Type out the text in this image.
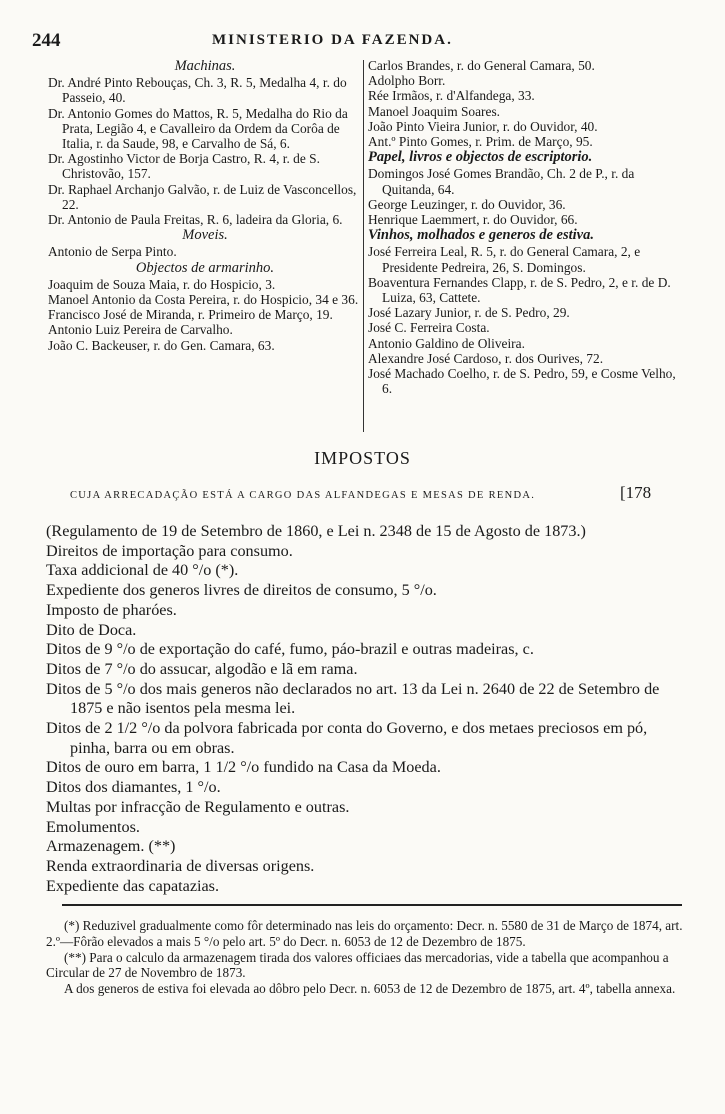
244	MINISTERIO DA FAZENDA.
Machinas.
Dr. André Pinto Rebouças, Ch. 3, R. 5, Medalha 4, r. do Passeio, 40.
Dr. Antonio Gomes do Mattos, R. 5, Medalha do Rio da Prata, Legião 4, e Cavalleiro da Ordem da Corôa de Italia, r. da Saude, 98, e Carvalho de Sá, 6.
Dr. Agostinho Victor de Borja Castro, R. 4, r. de S. Christovão, 157.
Dr. Raphael Archanjo Galvão, r. de Luiz de Vasconcellos, 22.
Dr. Antonio de Paula Freitas, R. 6, ladeira da Gloria, 6.
Moveis.
Antonio de Serpa Pinto.
Objectos de armarinho.
Joaquim de Souza Maia, r. do Hospicio, 3.
Manoel Antonio da Costa Pereira, r. do Hospicio, 34 e 36.
Francisco José de Miranda, r. Primeiro de Março, 19.
Antonio Luiz Pereira de Carvalho.
João C. Backeuser, r. do Gen. Camara, 63.
Carlos Brandes, r. do General Camara, 50.
Adolpho Borr.
Rée Irmãos, r. d'Alfandega, 33.
Manoel Joaquim Soares.
João Pinto Vieira Junior, r. do Ouvidor, 40.
Ant.º Pinto Gomes, r. Prim. de Março, 95.
Papel, livros e objectos de escriptorio.
Domingos José Gomes Brandão, Ch. 2 de P., r. da Quitanda, 64.
George Leuzinger, r. do Ouvidor, 36.
Henrique Laemmert, r. do Ouvidor, 66.
Vinhos, molhados e generos de estiva.
José Ferreira Leal, R. 5, r. do General Camara, 2, e Presidente Pedreira, 26, S. Domingos.
Boaventura Fernandes Clapp, r. de S. Pedro, 2, e r. de D. Luiza, 63, Cattete.
José Lazary Junior, r. de S. Pedro, 29.
José C. Ferreira Costa.
Antonio Galdino de Oliveira.
Alexandre José Cardoso, r. dos Ourives, 72.
José Machado Coelho, r. de S. Pedro, 59, e Cosme Velho, 6.
IMPOSTOS
CUJA ARRECADAÇÃO ESTÁ A CARGO DAS ALFANDEGAS E MESAS DE RENDA.	[178
(Regulamento de 19 de Setembro de 1860, e Lei n. 2348 de 15 de Agosto de 1873.)
Direitos de importação para consumo.
Taxa addicional de 40 °/o (*).
Expediente dos generos livres de direitos de consumo, 5 °/o.
Imposto de pharóes.
Dito de Doca.
Ditos de 9 °/o de exportação do café, fumo, páo-brazil e outras madeiras, c.
Ditos de 7 °/o do assucar, algodão e lã em rama.
Ditos de 5 °/o dos mais generos não declarados no art. 13 da Lei n. 2640 de 22 de Setembro de 1875 e não isentos pela mesma lei.
Ditos de 2 1/2 °/o da polvora fabricada por conta do Governo, e dos metaes preciosos em pó, pinha, barra ou em obras.
Ditos de ouro em barra, 1 1/2 °/o fundido na Casa da Moeda.
Ditos dos diamantes, 1 °/o.
Multas por infracção de Regulamento e outras.
Emolumentos.
Armazenagem. (**)
Renda extraordinaria de diversas origens.
Expediente das capatazias.
(*) Reduzivel gradualmente como fôr determinado nas leis do orçamento: Decr. n. 5580 de 31 de Março de 1874, art. 2.º—Fôrão elevados a mais 5 °/o pelo art. 5º do Decr. n. 6053 de 12 de Dezembro de 1875.
(**) Para o calculo da armazenagem tirada dos valores officiaes das mercadorias, vide a tabella que acompanhou a Circular de 27 de Novembro de 1873.
A dos generos de estiva foi elevada ao dôbro pelo Decr. n. 6053 de 12 de Dezembro de 1875, art. 4º, tabella annexa.
